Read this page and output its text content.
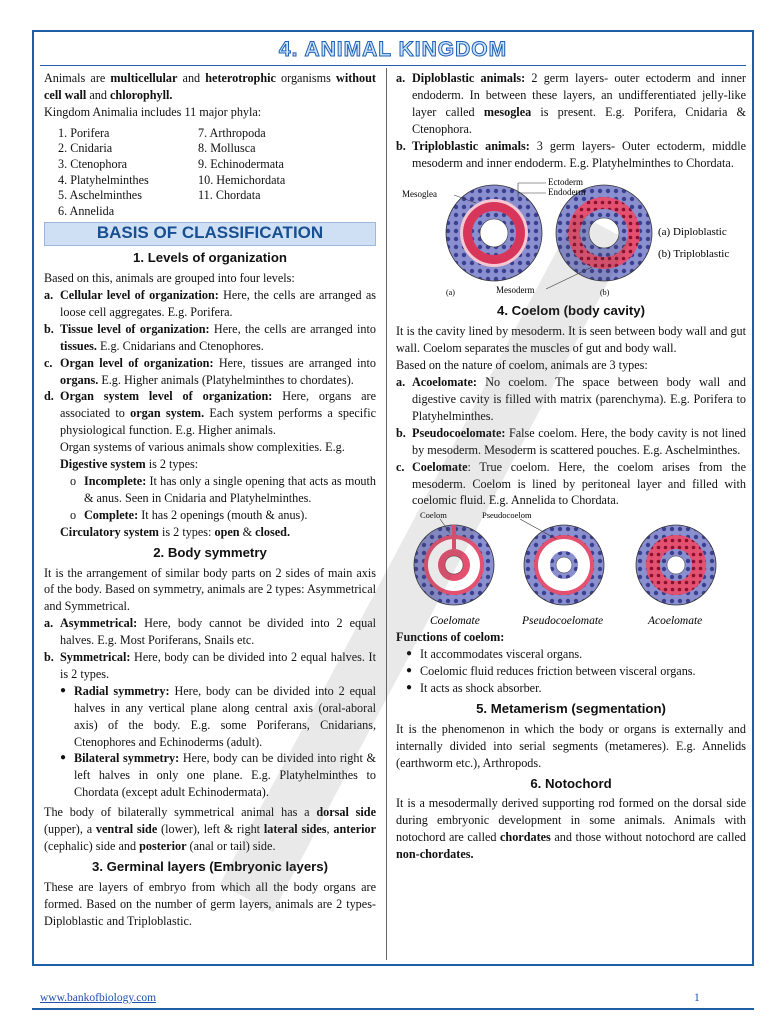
4. ANIMAL KINGDOM

Animals are multicellular and heterotrophic organisms without cell wall and chlorophyll.

Kingdom Animalia includes 11 major phyla:

1. Porifera
2. Cnidaria
3. Ctenophora
4. Platyhelminthes
5. Aschelminthes
6. Annelida
7. Arthropoda
8. Mollusca
9. Echinodermata
10. Hemichordata
11. Chordata
BASIS OF CLASSIFICATION
1. Levels of organization

Based on this, animals are grouped into four levels:

a. Cellular level of organization: Here, the cells are arranged as loose cell aggregates. E.g. Porifera.
b. Tissue level of organization: Here, the cells are arranged into tissues. E.g. Cnidarians and Ctenophores.
c. Organ level of organization: Here, tissues are arranged into organs. E.g. Higher animals (Platyhelminthes to chordates).
d. Organ system level of organization: Here, organs are associated to organ system. Each system performs a specific physiological function. E.g. Higher animals.

Organ systems of various animals show complexities. E.g.

Digestive system is 2 types:

o Incomplete: It has only a single opening that acts as mouth & anus. Seen in Cnidaria and Platyhelminthes.
o Complete: It has 2 openings (mouth & anus).

Circulatory system is 2 types: open & closed.

2. Body symmetry

It is the arrangement of similar body parts on 2 sides of main axis of the body. Based on symmetry, animals are 2 types: Asymmetrical and Symmetrical.

a. Asymmetrical: Here, body cannot be divided into 2 equal halves. E.g. Most Poriferans, Snails etc.
b. Symmetrical: Here, body can be divided into 2 equal halves. It is 2 types.
● Radial symmetry: Here, body can be divided into 2 equal halves in any vertical plane along central axis (oral-aboral axis) of the body. E.g. some Poriferans, Cnidarians, Ctenophores and Echinoderms (adult).
● Bilateral symmetry: Here, body can be divided into right & left halves in only one plane. E.g. Platyhelminthes to Chordata (except adult Echinodermata).

The body of bilaterally symmetrical animal has a dorsal side (upper), a ventral side (lower), left & right lateral sides, anterior (cephalic) side and posterior (anal or tail) side.

3. Germinal layers (Embryonic layers)

These are layers of embryo from which all the body organs are formed. Based on the number of germ layers, animals are 2 types- Diploblastic and Triploblastic.

a. Diploblastic animals: 2 germ layers- outer ectoderm and inner endoderm. In between these layers, an undifferentiated jelly-like layer called mesoglea is present. E.g. Porifera, Cnidaria & Ctenophora.
b. Triploblastic animals: 3 germ layers- Outer ectoderm, middle mesoderm and inner endoderm. E.g. Platyhelminthes to Chordata.
Mesoglea
Ectoderm
Endoderm
Mesoderm
(a)	(b)
(a) Diploblastic
(b) Triploblastic
4. Coelom (body cavity)

It is the cavity lined by mesoderm. It is seen between body wall and gut wall. Coelom separates the muscles of gut and body wall.

Based on the nature of coelom, animals are 3 types:

a. Acoelomate: No coelom. The space between body wall and digestive cavity is filled with matrix (parenchyma). E.g. Porifera to Platyhelminthes.
b. Pseudocoelomate: False coelom. Here, the body cavity is not lined by mesoderm. Mesoderm is scattered pouches. E.g. Aschelminthes.
c. Coelomate: True coelom. Here, the coelom arises from the mesoderm. Coelom is lined by peritoneal layer and filled with coelomic fluid. E.g. Annelida to Chordata.
Coelom	Pseudocoelom
Coelomate	Pseudocoelomate	Acoelomate

Functions of coelom:

● It accommodates visceral organs.
● Coelomic fluid reduces friction between visceral organs.
● It acts as shock absorber.
5. Metamerism (segmentation)

It is the phenomenon in which the body or organs is externally and internally divided into serial segments (metameres). E.g. Annelids (earthworm etc.), Arthropods.

6. Notochord

It is a mesodermally derived supporting rod formed on the dorsal side during embryonic development in some animals. Animals with notochord are called chordates and those without notochord are called non-chordates.

www.bankofbiology.com	1
